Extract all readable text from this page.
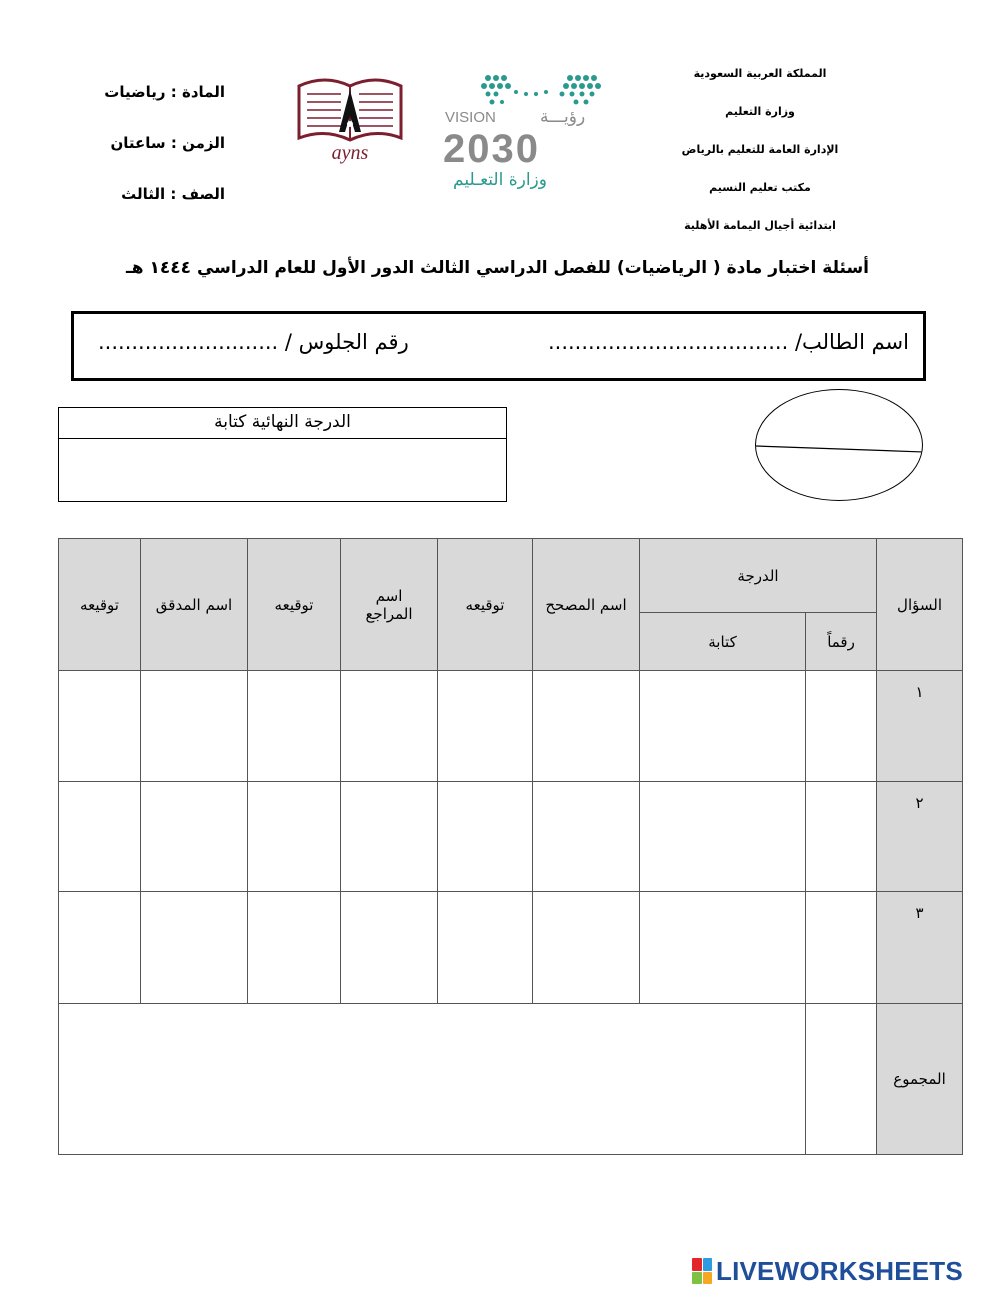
المملكة العربية السعودية
وزارة التعليم
الإدارة العامة للتعليم بالرياض
مكتب تعليم النسيم
ابتدائية أجيال اليمامة الأهلية
المادة : رياضيات
الزمن : ساعتان
الصف : الثالث
ayns
VISION	رؤيـــة
2030
وزارة التعـليم
أسئلة اختبار مادة ( الرياضيات) للفصل الدراسي الثالث الدور الأول للعام الدراسي ١٤٤٤ هـ
اسم الطالب/ ....................................
رقم الجلوس / ...........................
الدرجة النهائية كتابة
السؤال	الدرجة		اسم المصحح	توقيعه	اسم المراجع	توقيعه	اسم المدقق	توقيعه
	رقماً	كتابة						
١								
٢								
٣								
المجموع								
LIVEWORKSHEETS
